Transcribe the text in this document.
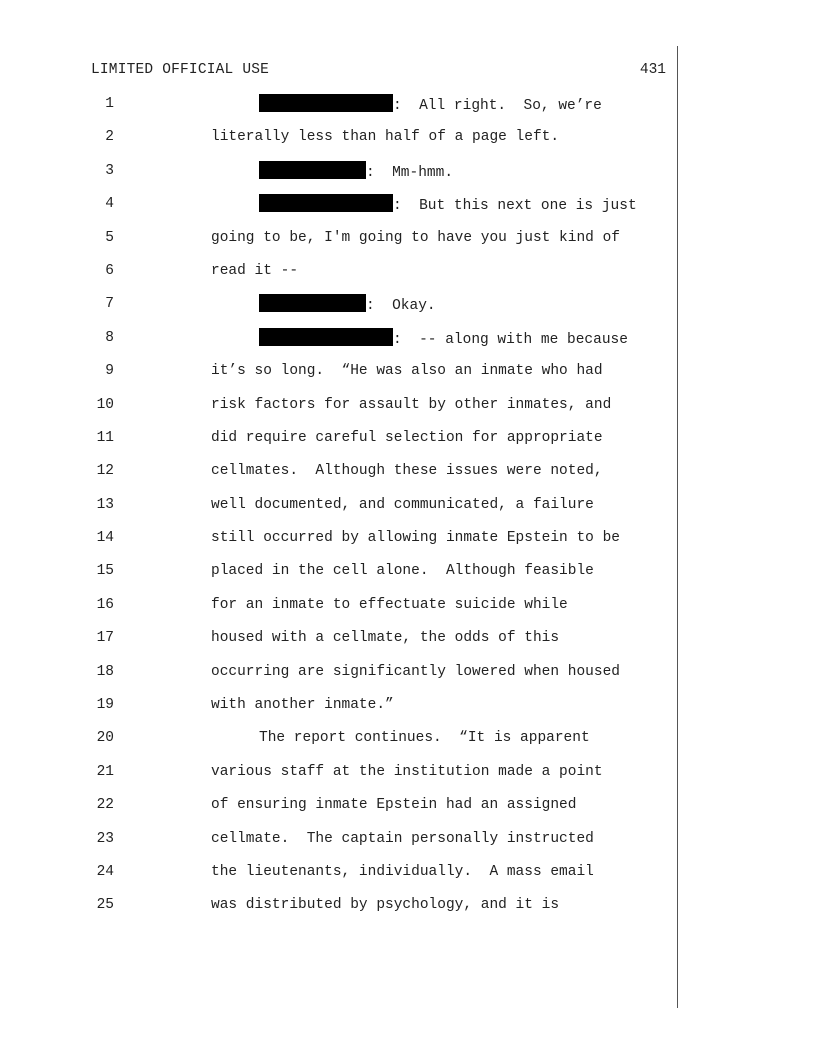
LIMITED OFFICIAL USE	431
1	:  All right.  So, we’re
2	literally less than half of a page left.
3	:  Mm-hmm.
4	:  But this next one is just
5	going to be, I'm going to have you just kind of
6	read it --
7	:  Okay.
8	:  -- along with me because
9	it’s so long.  “He was also an inmate who had
10	risk factors for assault by other inmates, and
11	did require careful selection for appropriate
12	cellmates.  Although these issues were noted,
13	well documented, and communicated, a failure
14	still occurred by allowing inmate Epstein to be
15	placed in the cell alone.  Although feasible
16	for an inmate to effectuate suicide while
17	housed with a cellmate, the odds of this
18	occurring are significantly lowered when housed
19	with another inmate.”
20	The report continues.  “It is apparent
21	various staff at the institution made a point
22	of ensuring inmate Epstein had an assigned
23	cellmate.  The captain personally instructed
24	the lieutenants, individually.  A mass email
25	was distributed by psychology, and it is
